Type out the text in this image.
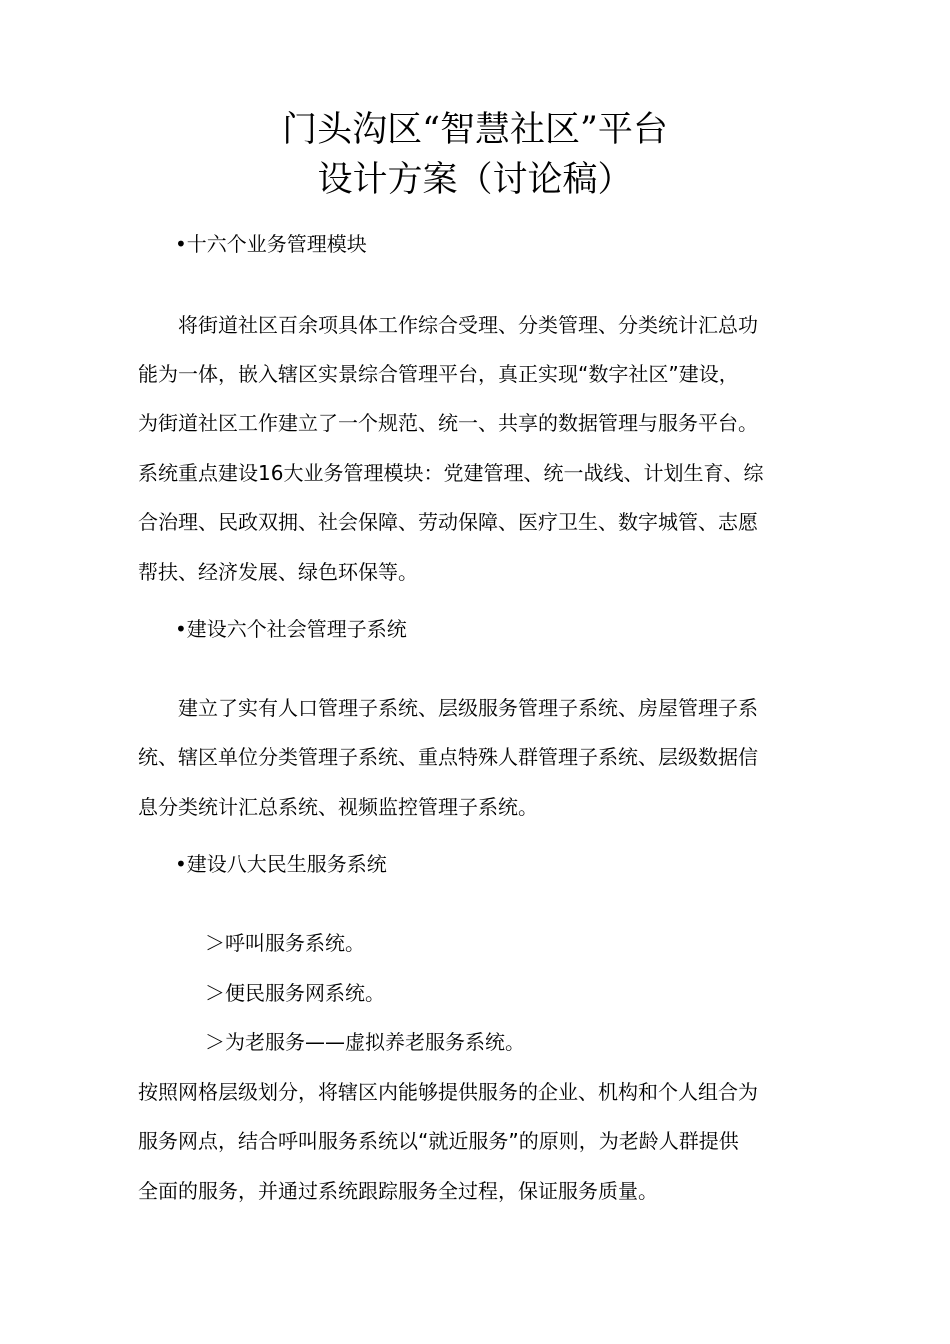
门头沟区“智慧社区”平台
设计方案（讨论稿）

•十六个业务管理模块

将街道社区百余项具体工作综合受理、分类管理、分类统计汇总功

能为一体，嵌入辖区实景综合管理平台，真正实现“数字社区”建设，

为街道社区工作建立了一个规范、统一、共享的数据管理与服务平台。

系统重点建设16大业务管理模块：党建管理、统一战线、计划生育、综

合治理、民政双拥、社会保障、劳动保障、医疗卫生、数字城管、志愿

帮扶、经济发展、绿色环保等。

•建设六个社会管理子系统

建立了实有人口管理子系统、层级服务管理子系统、房屋管理子系

统、辖区单位分类管理子系统、重点特殊人群管理子系统、层级数据信

息分类统计汇总系统、视频监控管理子系统。

•建设八大民生服务系统

＞呼叫服务系统。

＞便民服务网系统。

＞为老服务——虚拟养老服务系统。

按照网格层级划分，将辖区内能够提供服务的企业、机构和个人组合为

服务网点，结合呼叫服务系统以“就近服务”的原则，为老龄人群提供

全面的服务，并通过系统跟踪服务全过程，保证服务质量。
